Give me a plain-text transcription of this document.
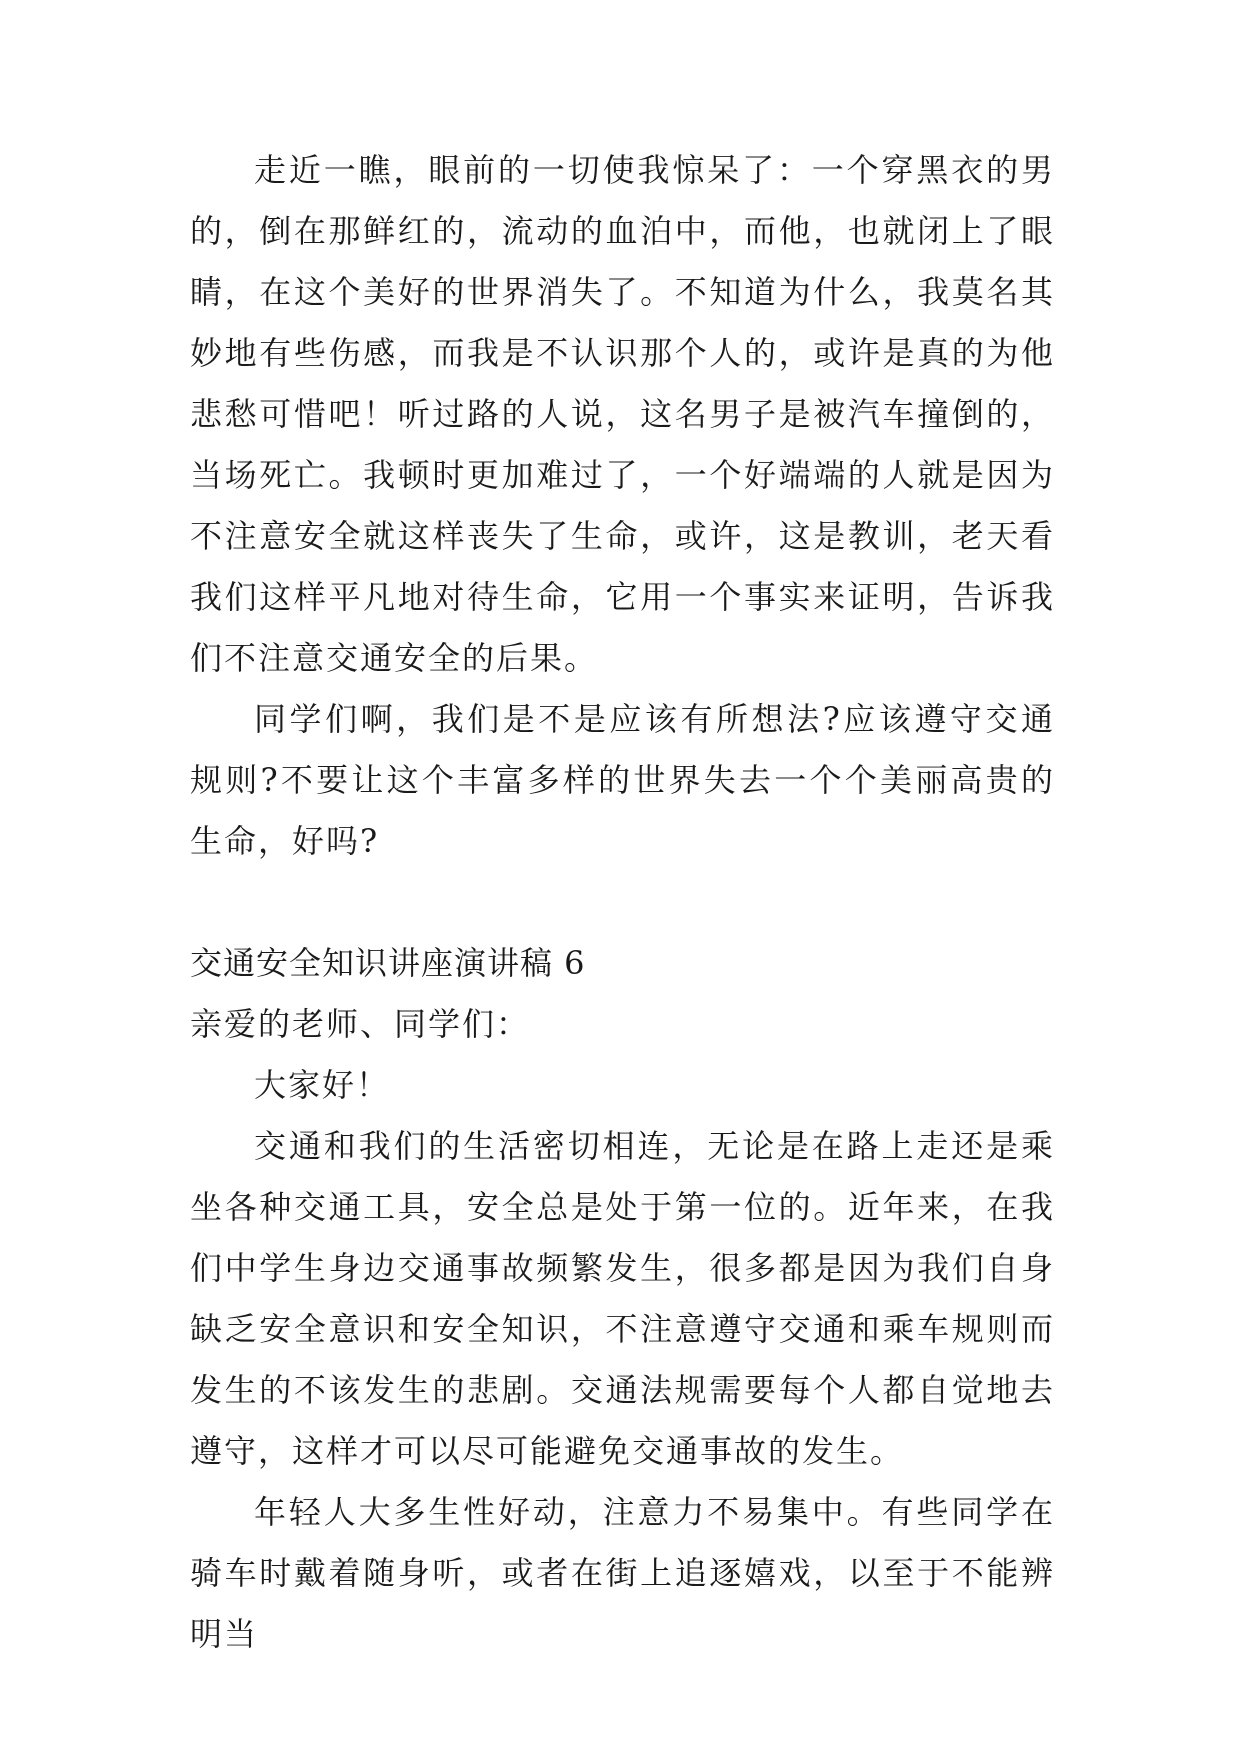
走近一瞧，眼前的一切使我惊呆了：一个穿黑衣的男的，倒在那鲜红的，流动的血泊中，而他，也就闭上了眼睛，在这个美好的世界消失了。不知道为什么，我莫名其妙地有些伤感，而我是不认识那个人的，或许是真的为他悲愁可惜吧！听过路的人说，这名男子是被汽车撞倒的，当场死亡。我顿时更加难过了，一个好端端的人就是因为不注意安全就这样丧失了生命，或许，这是教训，老天看我们这样平凡地对待生命，它用一个事实来证明，告诉我们不注意交通安全的后果。

同学们啊，我们是不是应该有所想法?应该遵守交通规则?不要让这个丰富多样的世界失去一个个美丽高贵的生命，好吗?

交通安全知识讲座演讲稿 6

亲爱的老师、同学们：

大家好！

交通和我们的生活密切相连，无论是在路上走还是乘坐各种交通工具，安全总是处于第一位的。近年来，在我们中学生身边交通事故频繁发生，很多都是因为我们自身缺乏安全意识和安全知识，不注意遵守交通和乘车规则而发生的不该发生的悲剧。交通法规需要每个人都自觉地去遵守，这样才可以尽可能避免交通事故的发生。

年轻人大多生性好动，注意力不易集中。有些同学在骑车时戴着随身听，或者在街上追逐嬉戏，以至于不能辨明当
